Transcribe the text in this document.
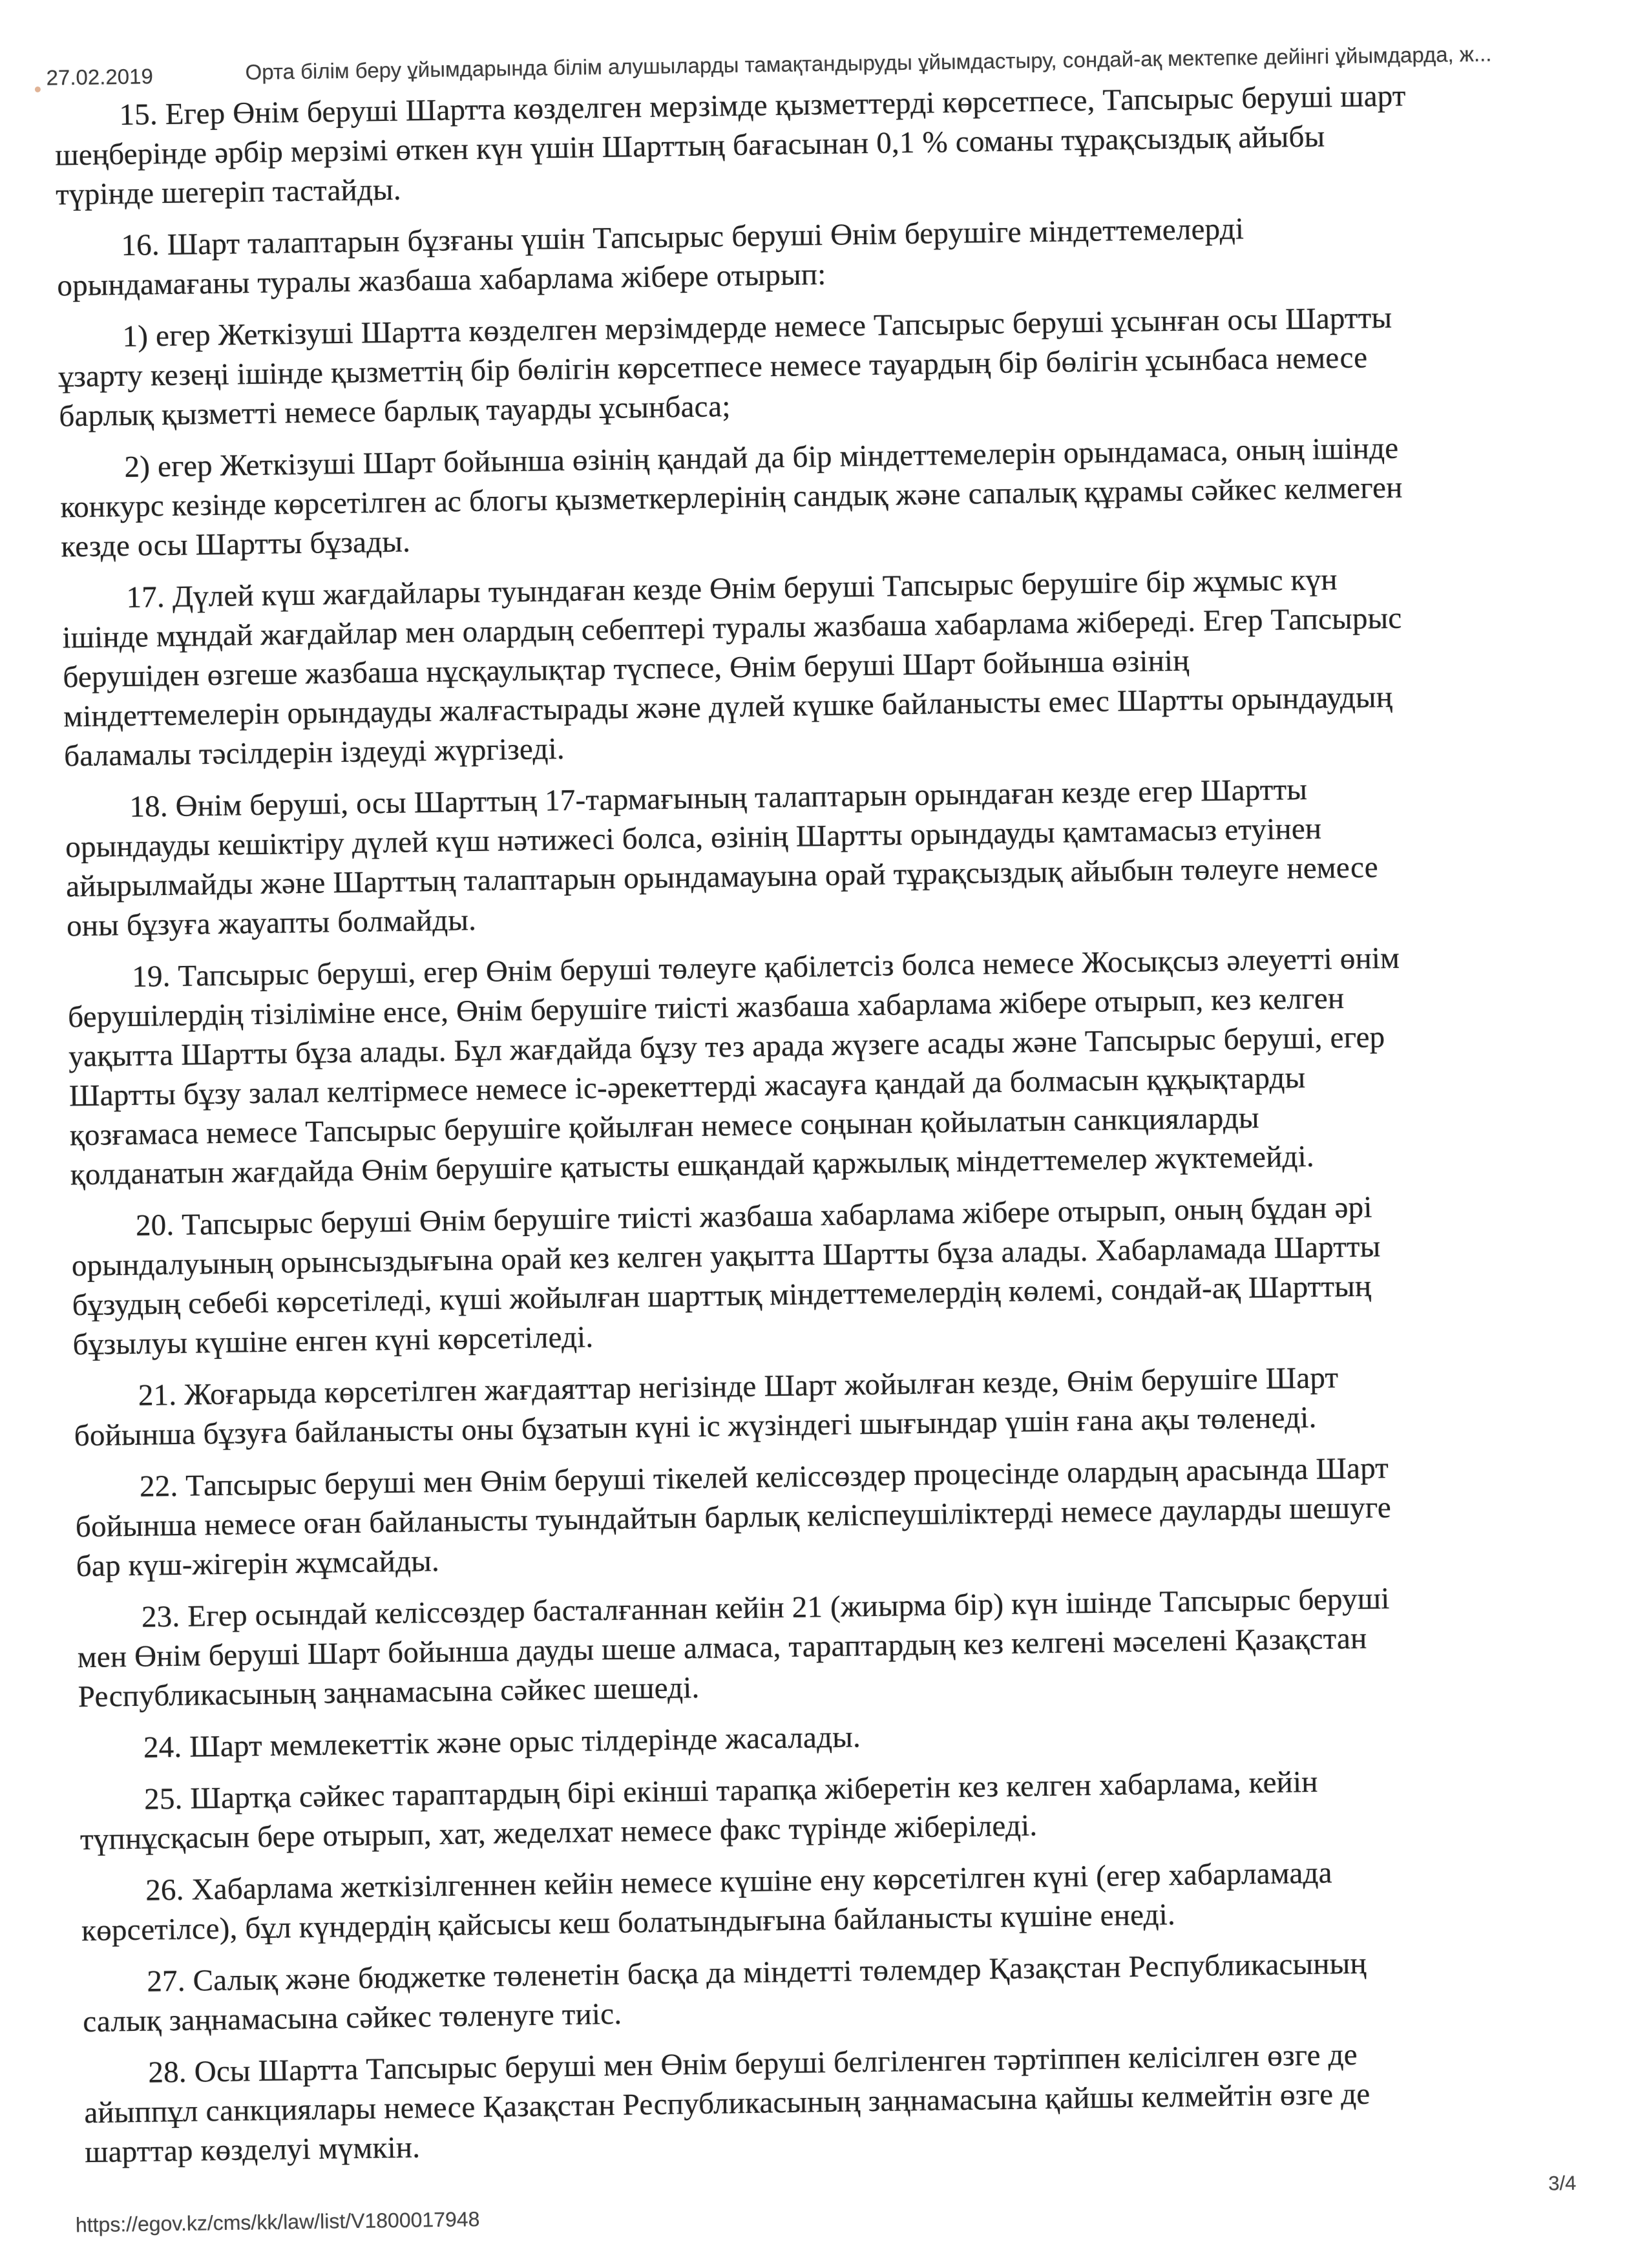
27.02.2019	Орта білім беру ұйымдарында білім алушыларды тамақтандыруды ұйымдастыру, сондай-ақ мектепке дейінгі ұйымдарда, ж...
15. Егер Өнім беруші Шартта көзделген мерзімде қызметтерді көрсетпесе, Тапсырыс беруші шарт
шеңберінде әрбір мерзімі өткен күн үшін Шарттың бағасынан 0,1 % соманы тұрақсыздық айыбы
түрінде шегеріп тастайды.
16. Шарт талаптарын бұзғаны үшін Тапсырыс беруші Өнім берушіге міндеттемелерді
орындамағаны туралы жазбаша хабарлама жібере отырып:
1) егер Жеткізуші Шартта көзделген мерзімдерде немесе Тапсырыс беруші ұсынған осы Шартты
ұзарту кезеңі ішінде қызметтің бір бөлігін көрсетпесе немесе тауардың бір бөлігін ұсынбаса немесе
барлық қызметті немесе барлық тауарды ұсынбаса;
2) егер Жеткізуші Шарт бойынша өзінің қандай да бір міндеттемелерін орындамаса, оның ішінде
конкурс кезінде көрсетілген ас блогы қызметкерлерінің сандық және сапалық құрамы сәйкес келмеген
кезде осы Шартты бұзады.
17. Дүлей күш жағдайлары туындаған кезде Өнім беруші Тапсырыс берушіге бір жұмыс күн
ішінде мұндай жағдайлар мен олардың себептері туралы жазбаша хабарлама жібереді. Егер Тапсырыс
берушіден өзгеше жазбаша нұсқаулықтар түспесе, Өнім беруші Шарт бойынша өзінің
міндеттемелерін орындауды жалғастырады және дүлей күшке байланысты емес Шартты орындаудың
баламалы тәсілдерін іздеуді жүргізеді.
18. Өнім беруші, осы Шарттың 17-тармағының талаптарын орындаған кезде егер Шартты
орындауды кешіктіру дүлей күш нәтижесі болса, өзінің Шартты орындауды қамтамасыз етуінен
айырылмайды және Шарттың талаптарын орындамауына орай тұрақсыздық айыбын төлеуге немесе
оны бұзуға жауапты болмайды.
19. Тапсырыс беруші, егер Өнім беруші төлеуге қабілетсіз болса немесе Жосықсыз әлеуетті өнім
берушілердің тізіліміне енсе, Өнім берушіге тиісті жазбаша хабарлама жібере отырып, кез келген
уақытта Шартты бұза алады. Бұл жағдайда бұзу тез арада жүзеге асады және Тапсырыс беруші, егер
Шартты бұзу залал келтірмесе немесе іс-әрекеттерді жасауға қандай да болмасын құқықтарды
қозғамаса немесе Тапсырыс берушіге қойылған немесе соңынан қойылатын санкцияларды
қолданатын жағдайда Өнім берушіге қатысты ешқандай қаржылық міндеттемелер жүктемейді.
20. Тапсырыс беруші Өнім берушіге тиісті жазбаша хабарлама жібере отырып, оның бұдан әрі
орындалуының орынсыздығына орай кез келген уақытта Шартты бұза алады. Хабарламада Шартты
бұзудың себебі көрсетіледі, күші жойылған шарттық міндеттемелердің көлемі, сондай-ақ Шарттың
бұзылуы күшіне енген күні көрсетіледі.
21. Жоғарыда көрсетілген жағдаяттар негізінде Шарт жойылған кезде, Өнім берушіге Шарт
бойынша бұзуға байланысты оны бұзатын күні іс жүзіндегі шығындар үшін ғана ақы төленеді.
22. Тапсырыс беруші мен Өнім беруші тікелей келіссөздер процесінде олардың арасында Шарт
бойынша немесе оған байланысты туындайтын барлық келіспеушіліктерді немесе дауларды шешуге
бар күш-жігерін жұмсайды.
23. Егер осындай келіссөздер басталғаннан кейін 21 (жиырма бір) күн ішінде Тапсырыс беруші
мен Өнім беруші Шарт бойынша дауды шеше алмаса, тараптардың кез келгені мәселені Қазақстан
Республикасының заңнамасына сәйкес шешеді.
24. Шарт мемлекеттік және орыс тілдерінде жасалады.
25. Шартқа сәйкес тараптардың бірі екінші тарапқа жіберетін кез келген хабарлама, кейін
түпнұсқасын бере отырып, хат, жеделхат немесе факс түрінде жіберіледі.
26. Хабарлама жеткізілгеннен кейін немесе күшіне ену көрсетілген күні (егер хабарламада
көрсетілсе), бұл күндердің қайсысы кеш болатындығына байланысты күшіне енеді.
27. Салық және бюджетке төленетін басқа да міндетті төлемдер Қазақстан Республикасының
салық заңнамасына сәйкес төленуге тиіс.
28. Осы Шартта Тапсырыс беруші мен Өнім беруші белгіленген тәртіппен келісілген өзге де
айыппұл санкциялары немесе Қазақстан Республикасының заңнамасына қайшы келмейтін өзге де
шарттар көзделуі мүмкін.
3/4
https://egov.kz/cms/kk/law/list/V1800017948
